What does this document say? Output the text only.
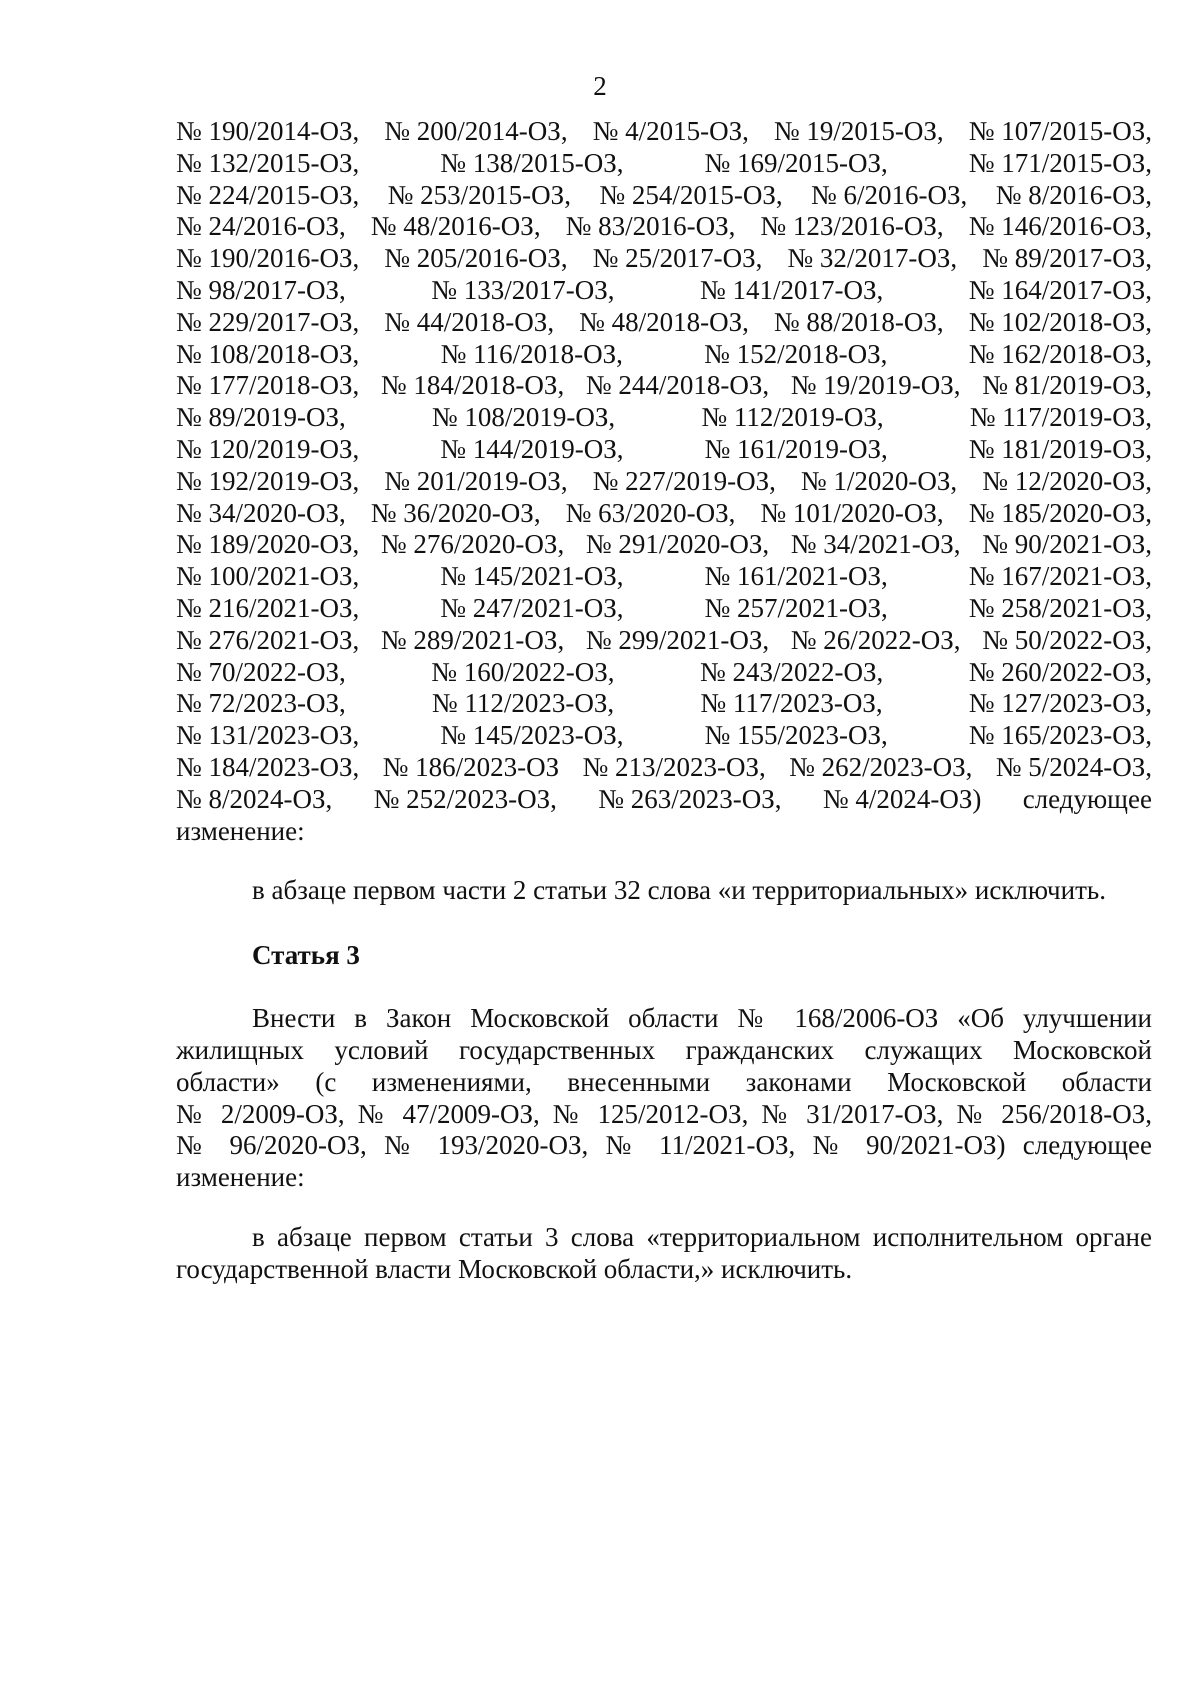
2
№ 190/2014-ОЗ, № 200/2014-ОЗ, № 4/2015-ОЗ, № 19/2015-ОЗ, № 107/2015-ОЗ,
№ 132/2015-ОЗ,	№ 138/2015-ОЗ,	№ 169/2015-ОЗ,	№ 171/2015-ОЗ,
№ 224/2015-ОЗ, № 253/2015-ОЗ, № 254/2015-ОЗ, № 6/2016-ОЗ, № 8/2016-ОЗ,
№ 24/2016-ОЗ, № 48/2016-ОЗ, № 83/2016-ОЗ, № 123/2016-ОЗ, № 146/2016-ОЗ,
№ 190/2016-ОЗ, № 205/2016-ОЗ, № 25/2017-ОЗ, № 32/2017-ОЗ, № 89/2017-ОЗ,
№ 98/2017-ОЗ,	№ 133/2017-ОЗ,	№ 141/2017-ОЗ,	№ 164/2017-ОЗ,
№ 229/2017-ОЗ, № 44/2018-ОЗ, № 48/2018-ОЗ, № 88/2018-ОЗ, № 102/2018-ОЗ,
№ 108/2018-ОЗ,	№ 116/2018-ОЗ,	№ 152/2018-ОЗ,	№ 162/2018-ОЗ,
№ 177/2018-ОЗ, № 184/2018-ОЗ, № 244/2018-ОЗ, № 19/2019-ОЗ, № 81/2019-ОЗ,
№ 89/2019-ОЗ,	№ 108/2019-ОЗ,	№ 112/2019-ОЗ,	№ 117/2019-ОЗ,
№ 120/2019-ОЗ,	№ 144/2019-ОЗ,	№ 161/2019-ОЗ,	№ 181/2019-ОЗ,
№ 192/2019-ОЗ, № 201/2019-ОЗ, № 227/2019-ОЗ, № 1/2020-ОЗ, № 12/2020-ОЗ,
№ 34/2020-ОЗ, № 36/2020-ОЗ, № 63/2020-ОЗ, № 101/2020-ОЗ, № 185/2020-ОЗ,
№ 189/2020-ОЗ, № 276/2020-ОЗ, № 291/2020-ОЗ, № 34/2021-ОЗ, № 90/2021-ОЗ,
№ 100/2021-ОЗ,	№ 145/2021-ОЗ,	№ 161/2021-ОЗ,	№ 167/2021-ОЗ,
№ 216/2021-ОЗ,	№ 247/2021-ОЗ,	№ 257/2021-ОЗ,	№ 258/2021-ОЗ,
№ 276/2021-ОЗ, № 289/2021-ОЗ, № 299/2021-ОЗ, № 26/2022-ОЗ, № 50/2022-ОЗ,
№ 70/2022-ОЗ,	№ 160/2022-ОЗ,	№ 243/2022-ОЗ,	№ 260/2022-ОЗ,
№ 72/2023-ОЗ,	№ 112/2023-ОЗ,	№ 117/2023-ОЗ,	№ 127/2023-ОЗ,
№ 131/2023-ОЗ,	№ 145/2023-ОЗ,	№ 155/2023-ОЗ,	№ 165/2023-ОЗ,
№ 184/2023-ОЗ, № 186/2023-ОЗ № 213/2023-ОЗ, № 262/2023-ОЗ, № 5/2024-ОЗ,
№ 8/2024-ОЗ, № 252/2023-ОЗ, № 263/2023-ОЗ, № 4/2024-ОЗ) следующее
изменение:
в абзаце первом части 2 статьи 32 слова «и территориальных» исключить.
Статья 3
Внести в Закон Московской области № 168/2006-ОЗ «Об улучшении
жилищных условий государственных гражданских служащих Московской
области» (с изменениями, внесенными законами Московской области
№ 2/2009-ОЗ, № 47/2009-ОЗ, № 125/2012-ОЗ, № 31/2017-ОЗ, № 256/2018-ОЗ,
№ 96/2020-ОЗ, № 193/2020-ОЗ, № 11/2021-ОЗ, № 90/2021-ОЗ) следующее
изменение:
в абзаце первом статьи 3 слова «территориальном исполнительном органе
государственной власти Московской области,» исключить.
